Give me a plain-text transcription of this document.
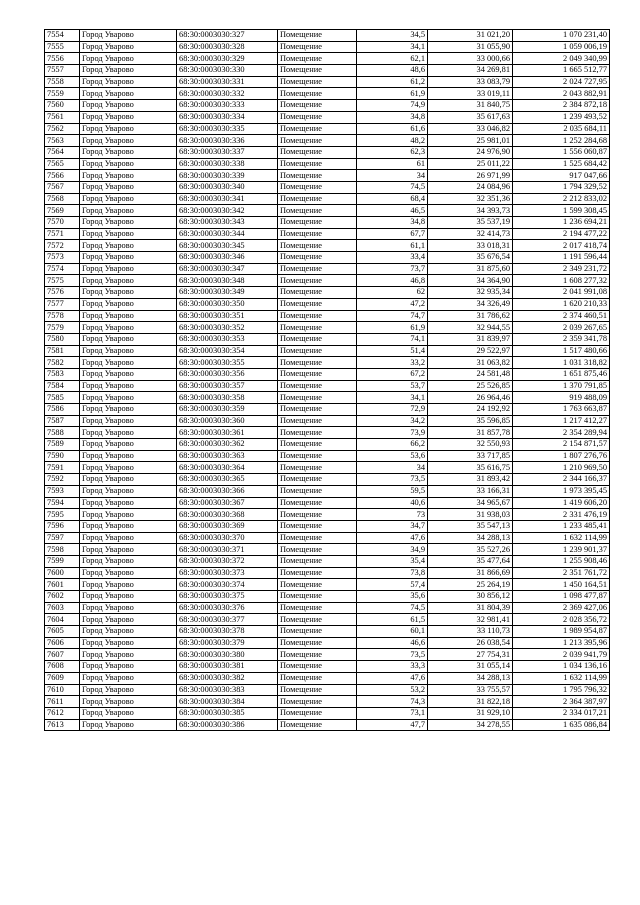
7554	Город Уварово	68:30:0003030:327	Помещение	34,5	31 021,20	1 070 231,40
7555	Город Уварово	68:30:0003030:328	Помещение	34,1	31 055,90	1 059 006,19
7556	Город Уварово	68:30:0003030:329	Помещение	62,1	33 000,66	2 049 340,99
7557	Город Уварово	68:30:0003030:330	Помещение	48,6	34 269,81	1 665 512,77
7558	Город Уварово	68:30:0003030:331	Помещение	61,2	33 083,79	2 024 727,95
7559	Город Уварово	68:30:0003030:332	Помещение	61,9	33 019,11	2 043 882,91
7560	Город Уварово	68:30:0003030:333	Помещение	74,9	31 840,75	2 384 872,18
7561	Город Уварово	68:30:0003030:334	Помещение	34,8	35 617,63	1 239 493,52
7562	Город Уварово	68:30:0003030:335	Помещение	61,6	33 046,82	2 035 684,11
7563	Город Уварово	68:30:0003030:336	Помещение	48,2	25 981,01	1 252 284,68
7564	Город Уварово	68:30:0003030:337	Помещение	62,3	24 976,90	1 556 060,87
7565	Город Уварово	68:30:0003030:338	Помещение	61	25 011,22	1 525 684,42
7566	Город Уварово	68:30:0003030:339	Помещение	34	26 971,99	917 047,66
7567	Город Уварово	68:30:0003030:340	Помещение	74,5	24 084,96	1 794 329,52
7568	Город Уварово	68:30:0003030:341	Помещение	68,4	32 351,36	2 212 833,02
7569	Город Уварово	68:30:0003030:342	Помещение	46,5	34 393,73	1 599 308,45
7570	Город Уварово	68:30:0003030:343	Помещение	34,8	35 537,19	1 236 694,21
7571	Город Уварово	68:30:0003030:344	Помещение	67,7	32 414,73	2 194 477,22
7572	Город Уварово	68:30:0003030:345	Помещение	61,1	33 018,31	2 017 418,74
7573	Город Уварово	68:30:0003030:346	Помещение	33,4	35 676,54	1 191 596,44
7574	Город Уварово	68:30:0003030:347	Помещение	73,7	31 875,60	2 349 231,72
7575	Город Уварово	68:30:0003030:348	Помещение	46,8	34 364,90	1 608 277,32
7576	Город Уварово	68:30:0003030:349	Помещение	62	32 935,34	2 041 991,08
7577	Город Уварово	68:30:0003030:350	Помещение	47,2	34 326,49	1 620 210,33
7578	Город Уварово	68:30:0003030:351	Помещение	74,7	31 786,62	2 374 460,51
7579	Город Уварово	68:30:0003030:352	Помещение	61,9	32 944,55	2 039 267,65
7580	Город Уварово	68:30:0003030:353	Помещение	74,1	31 839,97	2 359 341,78
7581	Город Уварово	68:30:0003030:354	Помещение	51,4	29 522,97	1 517 480,66
7582	Город Уварово	68:30:0003030:355	Помещение	33,2	31 063,82	1 031 318,82
7583	Город Уварово	68:30:0003030:356	Помещение	67,2	24 581,48	1 651 875,46
7584	Город Уварово	68:30:0003030:357	Помещение	53,7	25 526,85	1 370 791,85
7585	Город Уварово	68:30:0003030:358	Помещение	34,1	26 964,46	919 488,09
7586	Город Уварово	68:30:0003030:359	Помещение	72,9	24 192,92	1 763 663,87
7587	Город Уварово	68:30:0003030:360	Помещение	34,2	35 596,85	1 217 412,27
7588	Город Уварово	68:30:0003030:361	Помещение	73,9	31 857,78	2 354 289,94
7589	Город Уварово	68:30:0003030:362	Помещение	66,2	32 550,93	2 154 871,57
7590	Город Уварово	68:30:0003030:363	Помещение	53,6	33 717,85	1 807 276,76
7591	Город Уварово	68:30:0003030:364	Помещение	34	35 616,75	1 210 969,50
7592	Город Уварово	68:30:0003030:365	Помещение	73,5	31 893,42	2 344 166,37
7593	Город Уварово	68:30:0003030:366	Помещение	59,5	33 166,31	1 973 395,45
7594	Город Уварово	68:30:0003030:367	Помещение	40,6	34 965,67	1 419 606,20
7595	Город Уварово	68:30:0003030:368	Помещение	73	31 938,03	2 331 476,19
7596	Город Уварово	68:30:0003030:369	Помещение	34,7	35 547,13	1 233 485,41
7597	Город Уварово	68:30:0003030:370	Помещение	47,6	34 288,13	1 632 114,99
7598	Город Уварово	68:30:0003030:371	Помещение	34,9	35 527,26	1 239 901,37
7599	Город Уварово	68:30:0003030:372	Помещение	35,4	35 477,64	1 255 908,46
7600	Город Уварово	68:30:0003030:373	Помещение	73,8	31 866,69	2 351 761,72
7601	Город Уварово	68:30:0003030:374	Помещение	57,4	25 264,19	1 450 164,51
7602	Город Уварово	68:30:0003030:375	Помещение	35,6	30 856,12	1 098 477,87
7603	Город Уварово	68:30:0003030:376	Помещение	74,5	31 804,39	2 369 427,06
7604	Город Уварово	68:30:0003030:377	Помещение	61,5	32 981,41	2 028 356,72
7605	Город Уварово	68:30:0003030:378	Помещение	60,1	33 110,73	1 989 954,87
7606	Город Уварово	68:30:0003030:379	Помещение	46,6	26 038,54	1 213 395,96
7607	Город Уварово	68:30:0003030:380	Помещение	73,5	27 754,31	2 039 941,79
7608	Город Уварово	68:30:0003030:381	Помещение	33,3	31 055,14	1 034 136,16
7609	Город Уварово	68:30:0003030:382	Помещение	47,6	34 288,13	1 632 114,99
7610	Город Уварово	68:30:0003030:383	Помещение	53,2	33 755,57	1 795 796,32
7611	Город Уварово	68:30:0003030:384	Помещение	74,3	31 822,18	2 364 387,97
7612	Город Уварово	68:30:0003030:385	Помещение	73,1	31 929,10	2 334 017,21
7613	Город Уварово	68:30:0003030:386	Помещение	47,7	34 278,55	1 635 086,84
